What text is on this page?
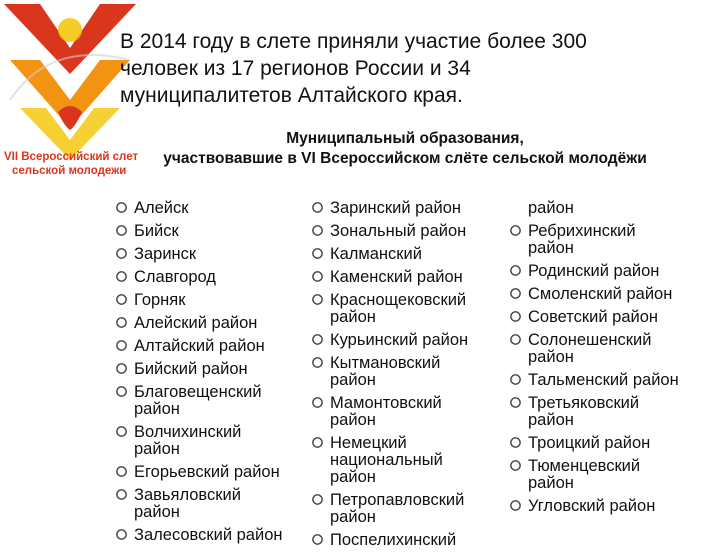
VII Всероссийский слет
сельской молодежи
В 2014 году в слете приняли участие более 300
человек из 17 регионов России и 34
муниципалитетов Алтайского края.
Муниципальный образования,
участвовавшие в VI Всероссийском слёте сельской молодёжи
Алейск
Бийск
Заринск
Славгород
Горняк
Алейский район
Алтайский район
Бийский район
Благовещенский
район
Волчихинский
район
Егорьевский район
Завьяловский
район
Залесовский район
Заринский район
Зональный район
Калманский
Каменский район
Краснощековский
район
Курьинский район
Кытмановский
район
Мамонтовский
район
Немецкий
национальный
район
Петропавловский
район
Поспелихинский
район
Ребрихинский
район
Родинский район
Смоленский район
Советский район
Солонешенский
район
Тальменский район
Третьяковский
район
Троицкий район
Тюменцевский
район
Угловский район
